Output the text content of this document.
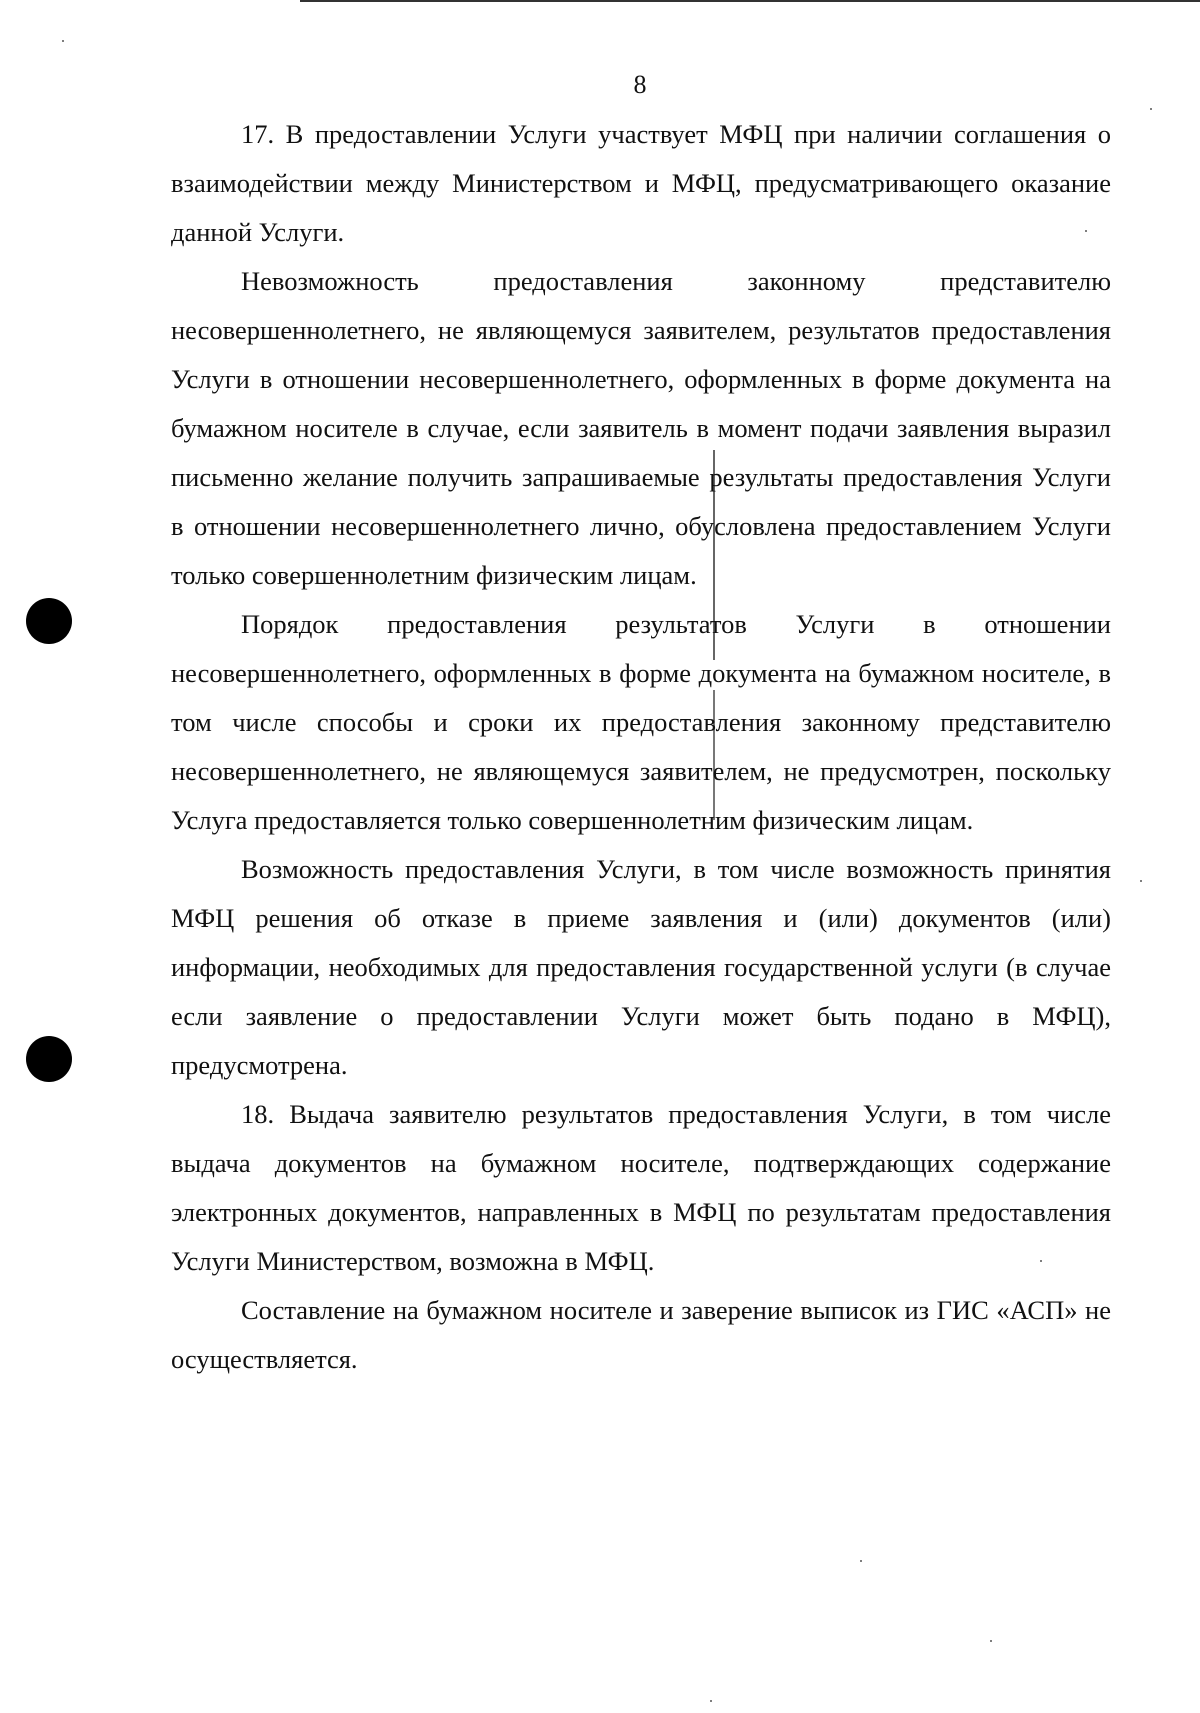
8

17. В предоставлении Услуги участвует МФЦ при наличии соглашения о взаимодействии между Министерством и МФЦ, предусматривающего оказание данной Услуги.

Невозможность предоставления законному представителю несовершеннолетнего, не являющемуся заявителем, результатов предоставления Услуги в отношении несовершеннолетнего, оформленных в форме документа на бумажном носителе в случае, если заявитель в момент подачи заявления выразил письменно желание получить запрашиваемые результаты предоставления Услуги в отношении несовершеннолетнего лично, обусловлена предоставлением Услуги только совершеннолетним физическим лицам.

Порядок предоставления результатов Услуги в отношении несовершеннолетнего, оформленных в форме документа на бумажном носителе, в том числе способы и сроки их предоставления законному представителю несовершеннолетнего, не являющемуся заявителем, не предусмотрен, поскольку Услуга предоставляется только совершеннолетним физическим лицам.

Возможность предоставления Услуги, в том числе возможность принятия МФЦ решения об отказе в приеме заявления и (или) документов (или) информации, необходимых для предоставления государственной услуги (в случае если заявление о предоставлении Услуги может быть подано в МФЦ), предусмотрена.

18. Выдача заявителю результатов предоставления Услуги, в том числе выдача документов на бумажном носителе, подтверждающих содержание электронных документов, направленных в МФЦ по результатам предоставления Услуги Министерством, возможна в МФЦ.

Составление на бумажном носителе и заверение выписок из ГИС «АСП» не осуществляется.
